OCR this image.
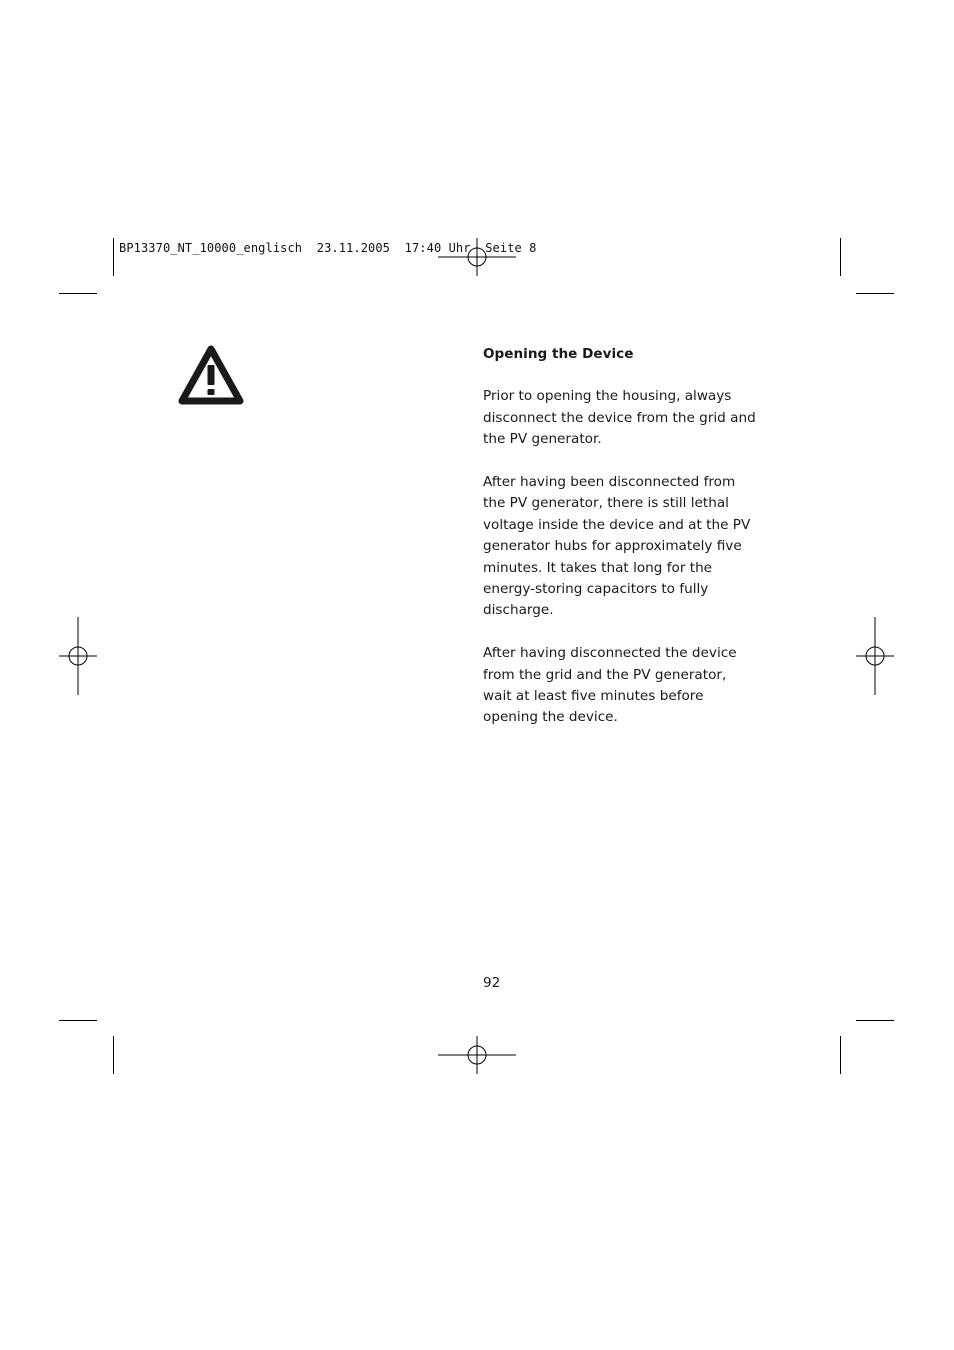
BP13370_NT_10000_englisch  23.11.2005  17:40 Uhr  Seite 8
Opening the Device

Prior to opening the housing, always disconnect the device from the grid and the PV generator.

After having been disconnected from the PV generator, there is still lethal voltage inside the device and at the PV generator hubs for approximately five minutes. It takes that long for the energy-storing capacitors to fully discharge.

After having disconnected the device from the grid and the PV generator, wait at least five minutes before opening the device.

92
